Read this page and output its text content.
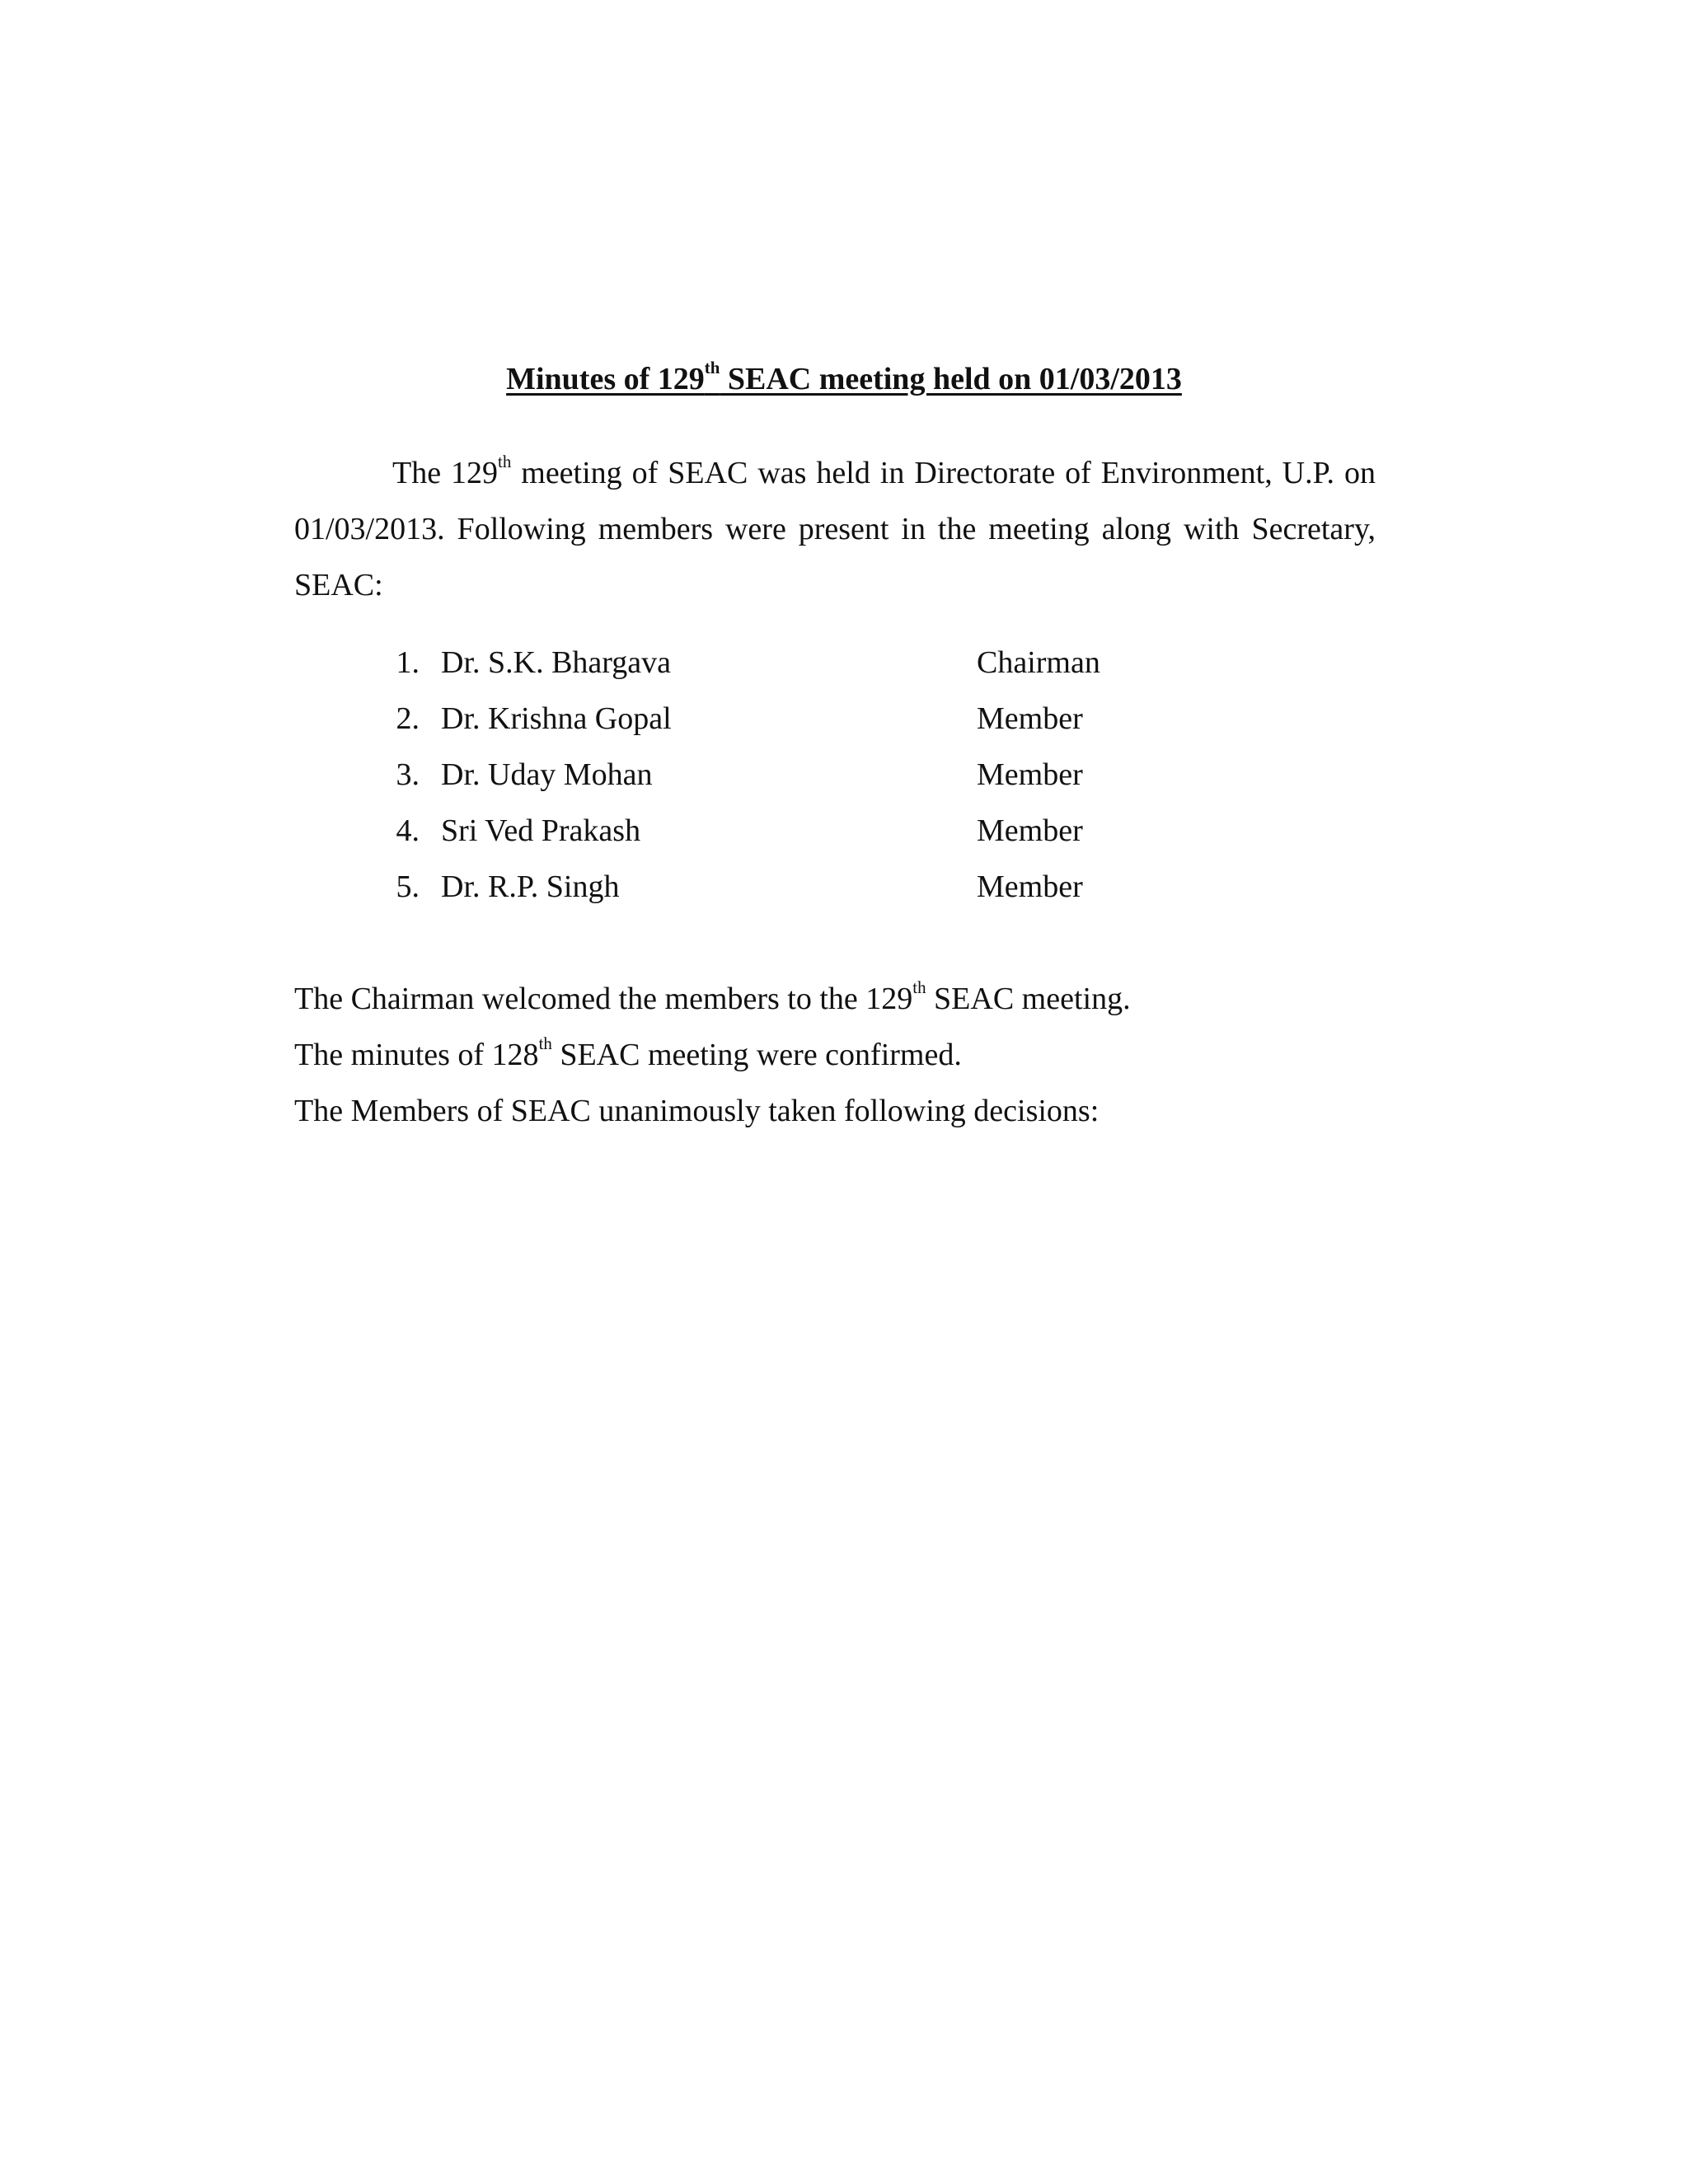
Minutes of 129th SEAC meeting held on 01/03/2013
The 129th meeting of SEAC was held in Directorate of Environment, U.P. on 01/03/2013. Following members were present in the meeting along with Secretary, SEAC:
1. Dr. S.K. Bhargava	Chairman
2. Dr. Krishna Gopal	Member
3. Dr. Uday Mohan	Member
4. Sri Ved Prakash	Member
5. Dr. R.P. Singh	Member
The Chairman welcomed the members to the 129th SEAC meeting.
The minutes of 128th SEAC meeting were confirmed.
The Members of SEAC unanimously taken following decisions:
